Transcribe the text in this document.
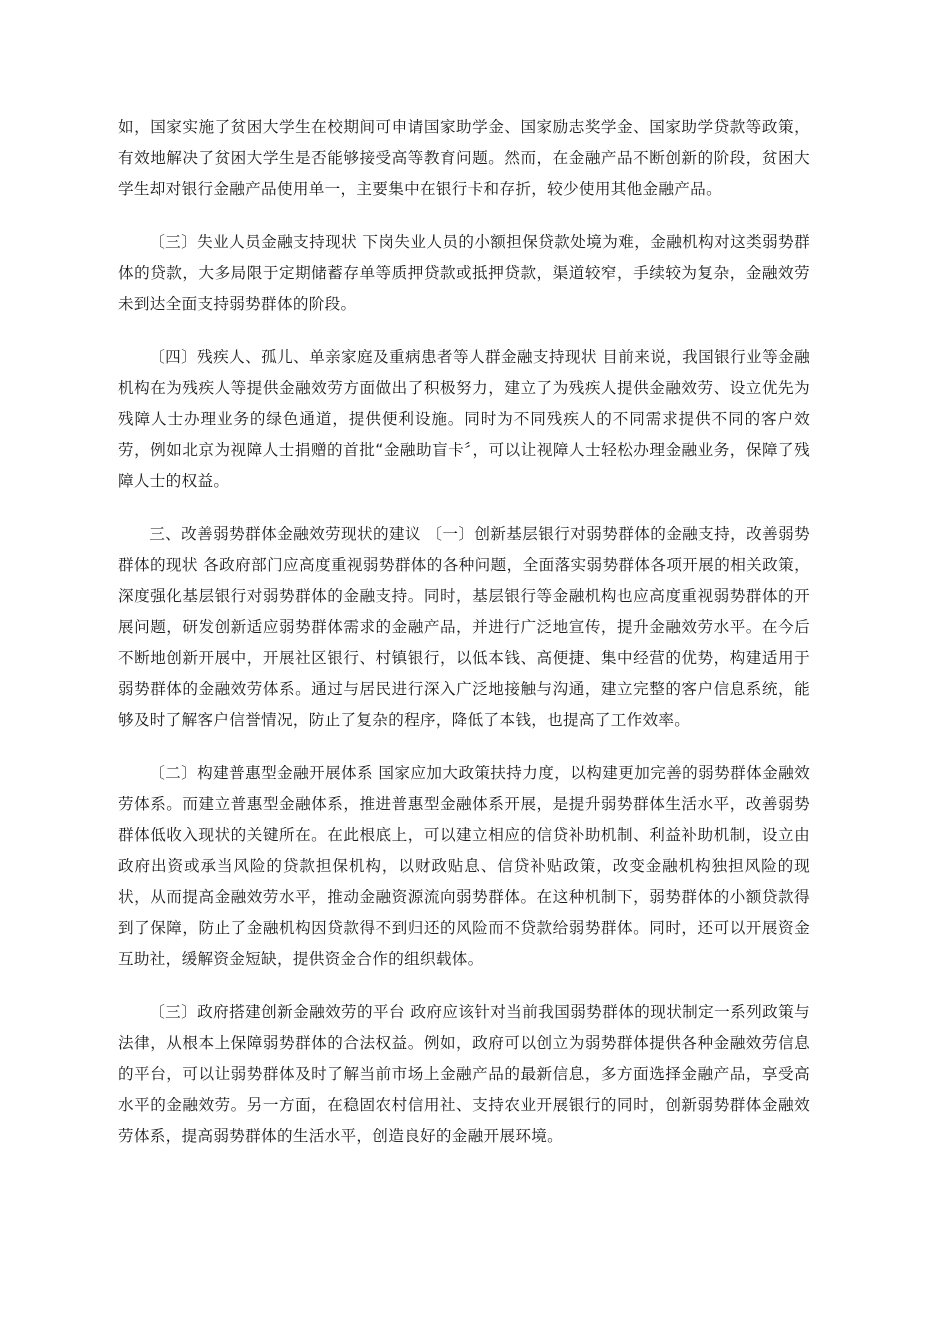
如，国家实施了贫困大学生在校期间可申请国家助学金、国家励志奖学金、国家助学贷款等政策，有效地解决了贫困大学生是否能够接受高等教育问题。然而，在金融产品不断创新的阶段，贫困大学生却对银行金融产品使用单一，主要集中在银行卡和存折，较少使用其他金融产品。

〔三〕失业人员金融支持现状 下岗失业人员的小额担保贷款处境为难，金融机构对这类弱势群体的贷款，大多局限于定期储蓄存单等质押贷款或抵押贷款，渠道较窄，手续较为复杂，金融效劳未到达全面支持弱势群体的阶段。

〔四〕残疾人、孤儿、单亲家庭及重病患者等人群金融支持现状 目前来说，我国银行业等金融机构在为残疾人等提供金融效劳方面做出了积极努力，建立了为残疾人提供金融效劳、设立优先为残障人士办理业务的绿色通道，提供便利设施。同时为不同残疾人的不同需求提供不同的客户效劳，例如北京为视障人士捐赠的首批“金融助盲卡〞，可以让视障人士轻松办理金融业务，保障了残障人士的权益。

三、改善弱势群体金融效劳现状的建议 〔一〕创新基层银行对弱势群体的金融支持，改善弱势群体的现状 各政府部门应高度重视弱势群体的各种问题，全面落实弱势群体各项开展的相关政策，深度强化基层银行对弱势群体的金融支持。同时，基层银行等金融机构也应高度重视弱势群体的开展问题，研发创新适应弱势群体需求的金融产品，并进行广泛地宣传，提升金融效劳水平。在今后不断地创新开展中，开展社区银行、村镇银行，以低本钱、高便捷、集中经营的优势，构建适用于弱势群体的金融效劳体系。通过与居民进行深入广泛地接触与沟通，建立完整的客户信息系统，能够及时了解客户信誉情况，防止了复杂的程序，降低了本钱，也提高了工作效率。

〔二〕构建普惠型金融开展体系 国家应加大政策扶持力度，以构建更加完善的弱势群体金融效劳体系。而建立普惠型金融体系，推进普惠型金融体系开展，是提升弱势群体生活水平，改善弱势群体低收入现状的关键所在。在此根底上，可以建立相应的信贷补助机制、利益补助机制，设立由政府出资或承当风险的贷款担保机构，以财政贴息、信贷补贴政策，改变金融机构独担风险的现状，从而提高金融效劳水平，推动金融资源流向弱势群体。在这种机制下，弱势群体的小额贷款得到了保障，防止了金融机构因贷款得不到归还的风险而不贷款给弱势群体。同时，还可以开展资金互助社，缓解资金短缺，提供资金合作的组织载体。

〔三〕政府搭建创新金融效劳的平台 政府应该针对当前我国弱势群体的现状制定一系列政策与法律，从根本上保障弱势群体的合法权益。例如，政府可以创立为弱势群体提供各种金融效劳信息的平台，可以让弱势群体及时了解当前市场上金融产品的最新信息，多方面选择金融产品，享受高水平的金融效劳。另一方面，在稳固农村信用社、支持农业开展银行的同时，创新弱势群体金融效劳体系，提高弱势群体的生活水平，创造良好的金融开展环境。
